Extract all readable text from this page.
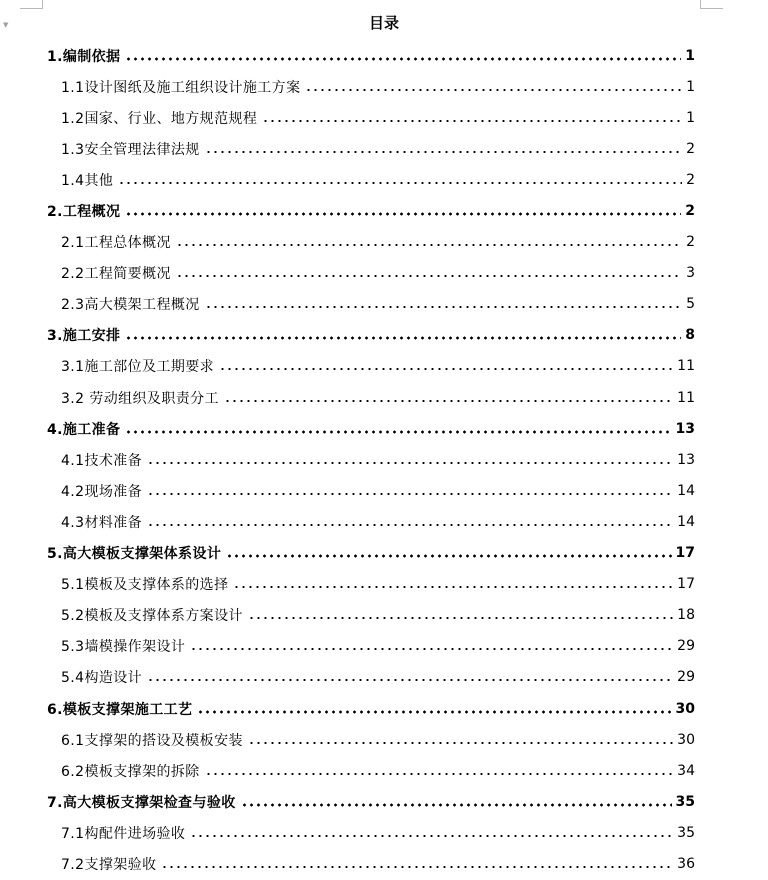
▼	目录
1.编制依据	1
1.1设计图纸及施工组织设计施工方案	1
1.2国家、行业、地方规范规程	1
1.3安全管理法律法规	2
1.4其他	2
2.工程概况	2
2.1工程总体概况	2
2.2工程简要概况	3
2.3高大模架工程概况	5
3.施工安排	8
3.1施工部位及工期要求	11
3.2 劳动组织及职责分工	11
4.施工准备	13
4.1技术准备	13
4.2现场准备	14
4.3材料准备	14
5.高大模板支撑架体系设计	17
5.1模板及支撑体系的选择	17
5.2模板及支撑体系方案设计	18
5.3墙模操作架设计	29
5.4构造设计	29
6.模板支撑架施工工艺	30
6.1支撑架的搭设及模板安装	30
6.2模板支撑架的拆除	34
7.高大模板支撑架检查与验收	35
7.1构配件进场验收	35
7.2支撑架验收	36
